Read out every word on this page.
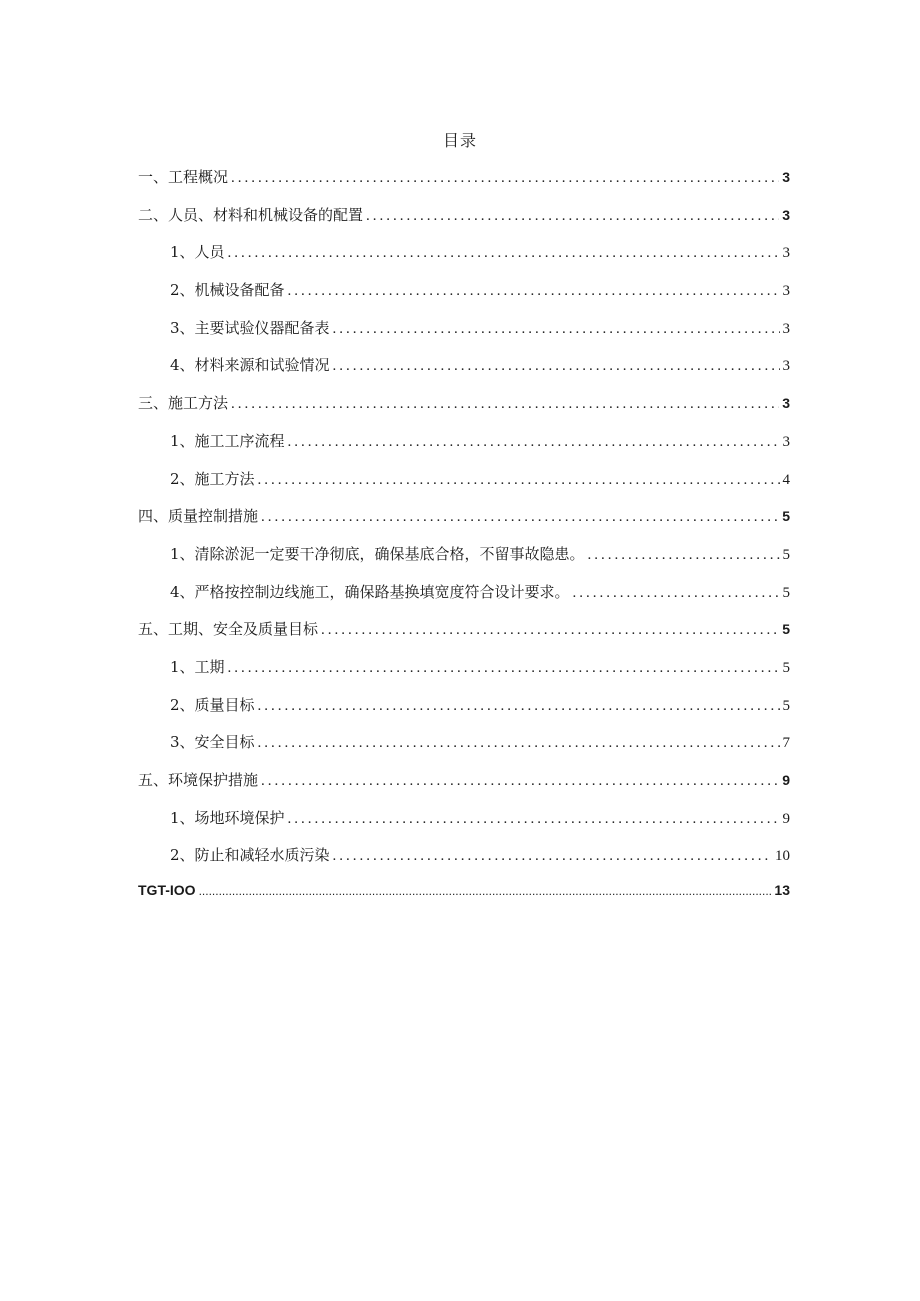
目录
一、工程概况 .....	3
二、人员、材料和机械设备的配置 .....	3
1、人员 .....	3
2、机械设备配备 .....	3
3、主要试验仪器配备表 .....	3
4、材料来源和试验情况 .....	3
三、施工方法 .....	3
1、施工工序流程 .....	3
2、施工方法 .....	4
四、质量控制措施 .....	5
1、清除淤泥一定要干净彻底，确保基底合格，不留事故隐患。 .....	5
4、严格按控制边线施工，确保路基换填宽度符合设计要求。 .....	5
五、工期、安全及质量目标 .....	5
1、工期 .....	5
2、质量目标 .....	5
3、安全目标 .....	7
五、环境保护措施 .....	9
1、场地环境保护 .....	9
2、防止和减轻水质污染 .....	10
TGT-IOO .....	13
